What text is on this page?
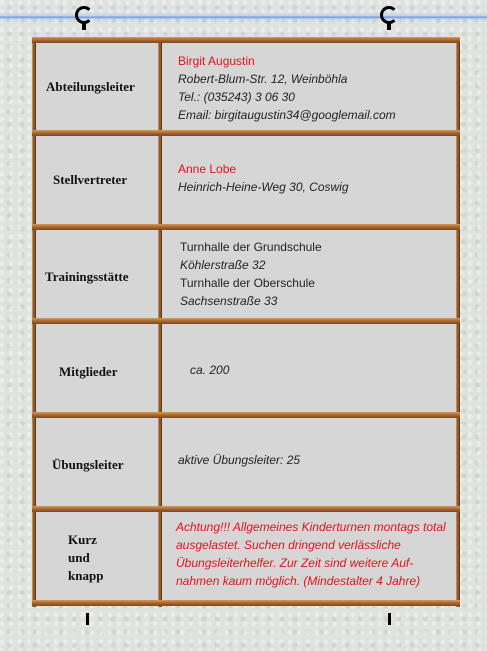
Abteilungsleiter
Birgit Augustin
Robert-Blum-Str. 12, Weinböhla
Tel.: (035243) 3 06 30
Email: birgitaugustin34@googlemail.com
Stellvertreter
Anne Lobe
Heinrich-Heine-Weg 30, Coswig
Trainingsstätte
Turnhalle der Grundschule
Köhlerstraße 32
Turnhalle der Oberschule
Sachsenstraße 33
Mitglieder	ca. 200
Übungsleiter	aktive Übungsleiter: 25
Kurz
und
knapp
Achtung!!! Allgemeines Kinderturnen montags total ausgelastet. Suchen dringend verlässliche Übungsleiterhelfer. Zur Zeit sind weitere Auf- nahmen kaum möglich. (Mindestalter 4 Jahre)
